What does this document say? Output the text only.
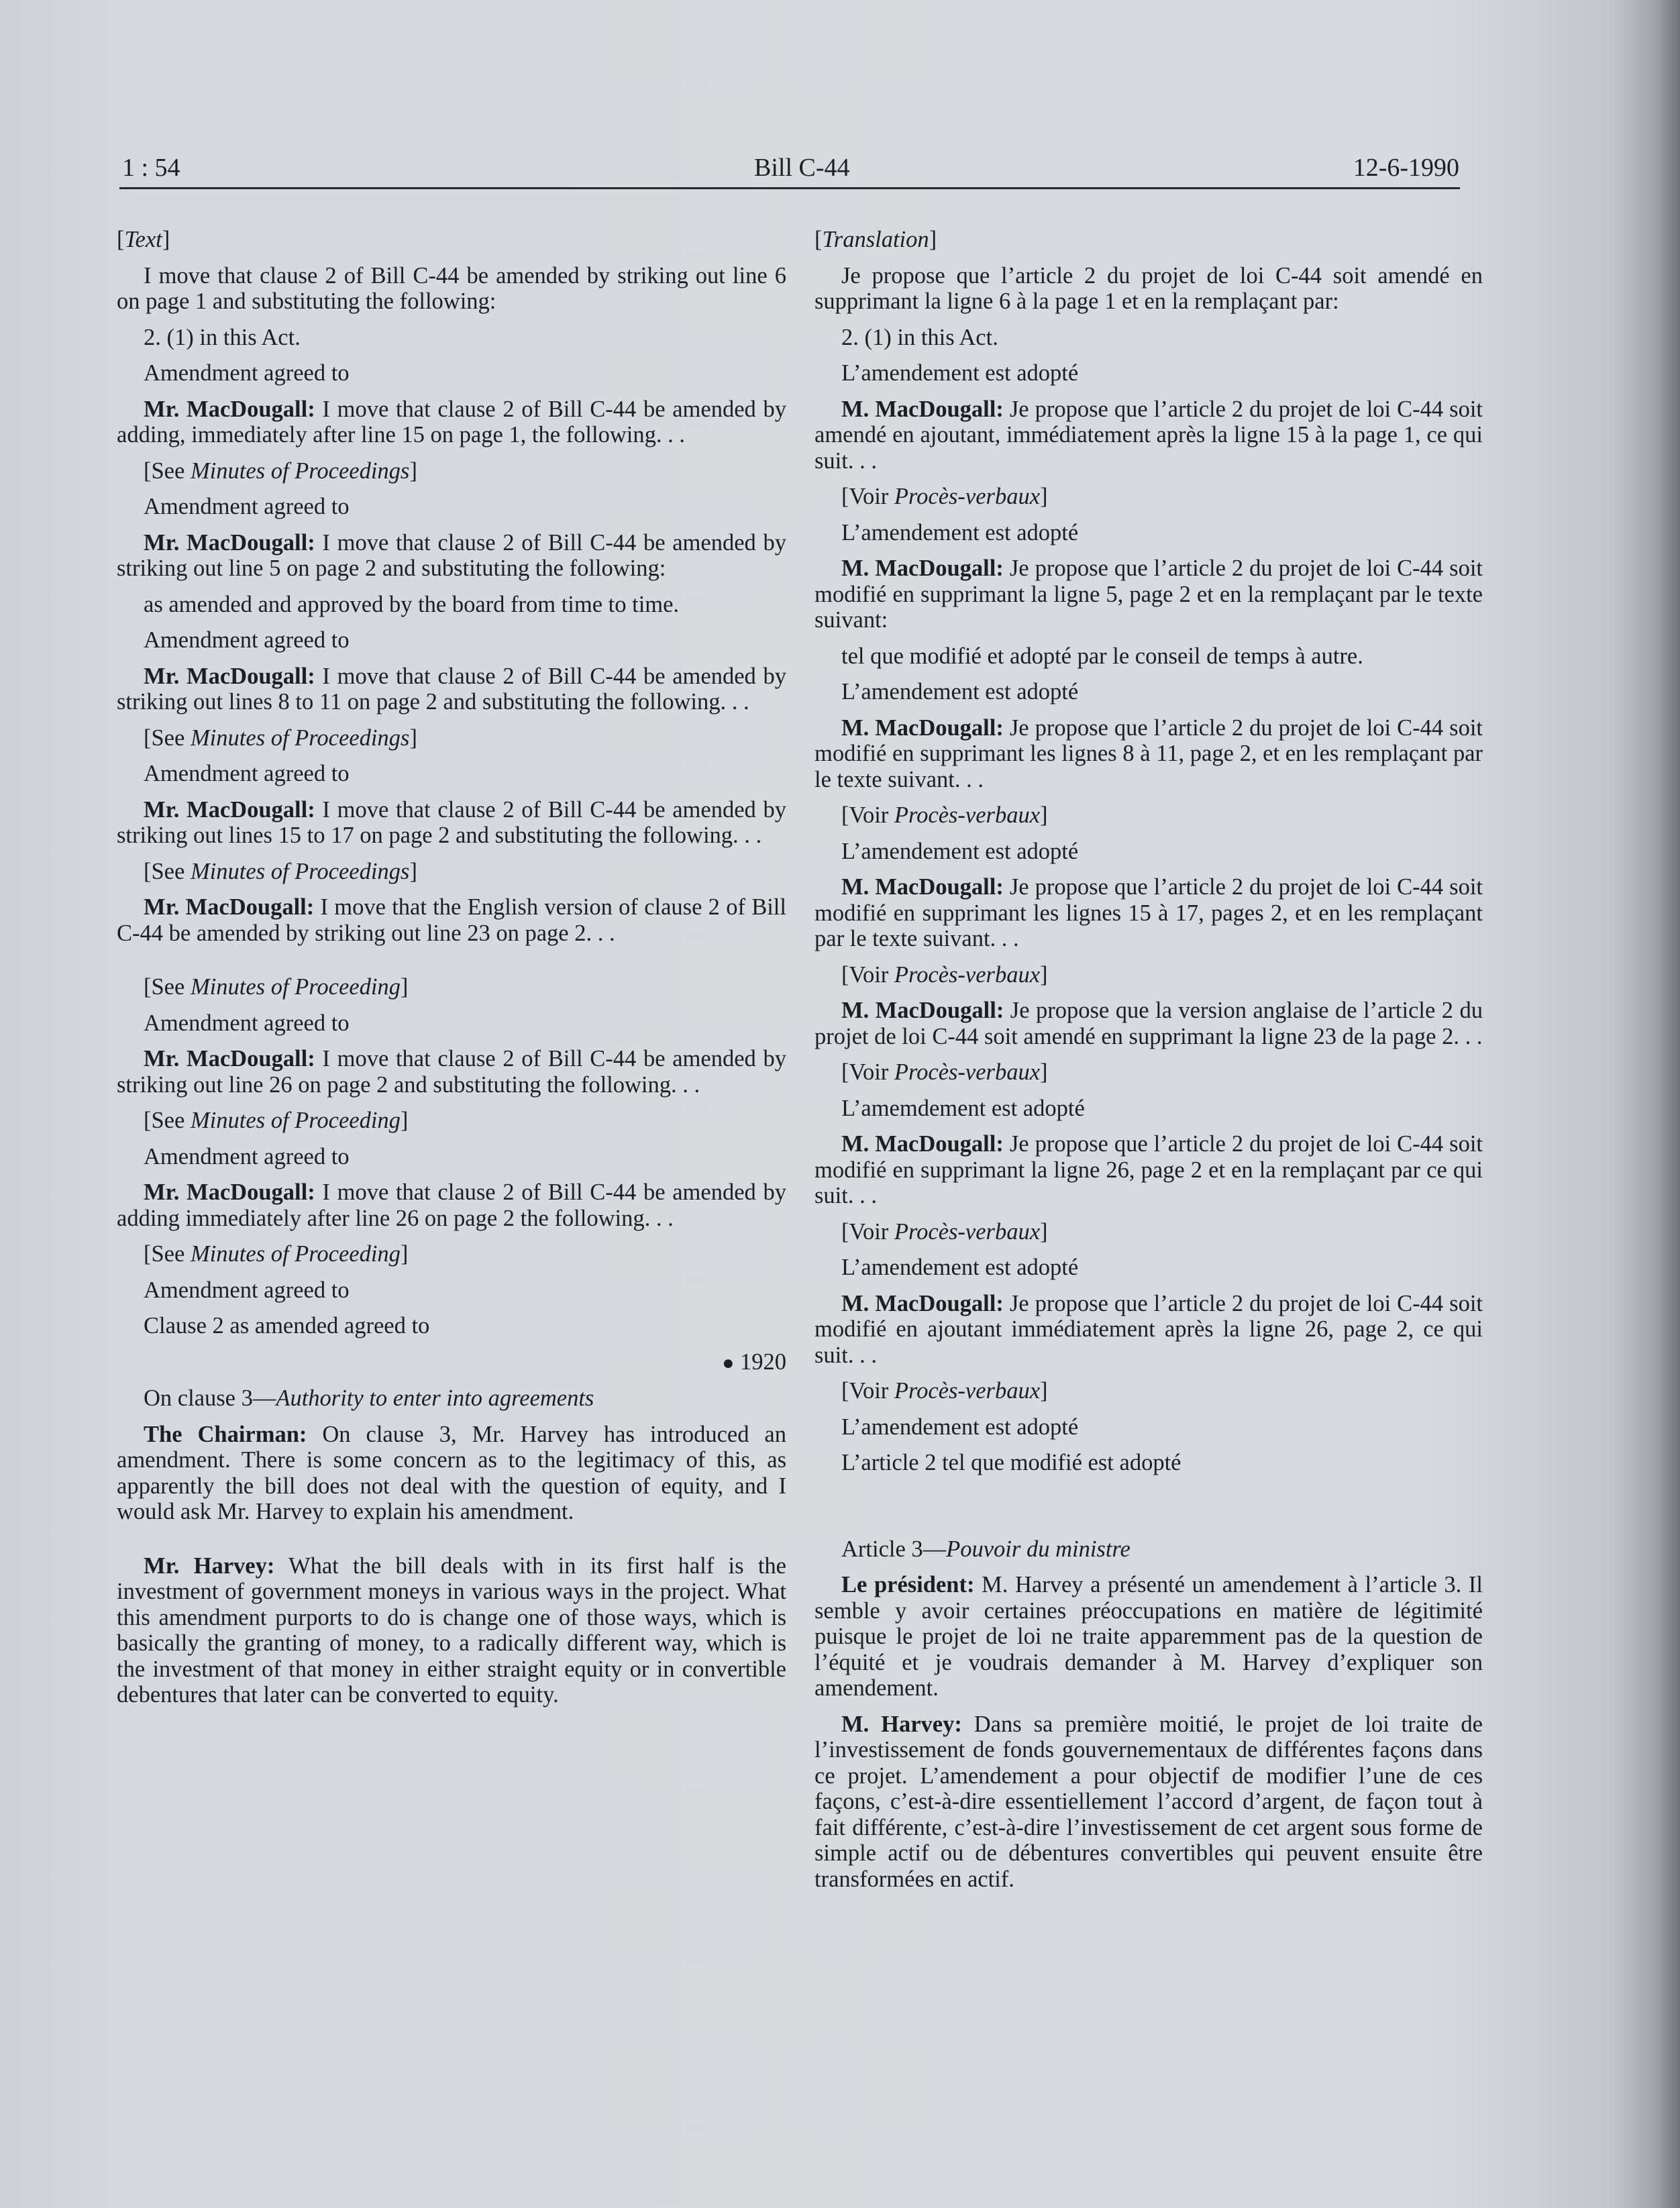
1 : 54	Bill C-44	12-6-1990

[Text]

I move that clause 2 of Bill C-44 be amended by striking out line 6 on page 1 and substituting the following:

2. (1) in this Act.

Amendment agreed to

Mr. MacDougall: I move that clause 2 of Bill C-44 be amended by adding, immediately after line 15 on page 1, the following. . .

[See Minutes of Proceedings]

Amendment agreed to

Mr. MacDougall: I move that clause 2 of Bill C-44 be amended by striking out line 5 on page 2 and substituting the following:

as amended and approved by the board from time to time.

Amendment agreed to

Mr. MacDougall: I move that clause 2 of Bill C-44 be amended by striking out lines 8 to 11 on page 2 and substituting the following. . .

[See Minutes of Proceedings]

Amendment agreed to

Mr. MacDougall: I move that clause 2 of Bill C-44 be amended by striking out lines 15 to 17 on page 2 and substituting the following. . .

[See Minutes of Proceedings]

Mr. MacDougall: I move that the English version of clause 2 of Bill C-44 be amended by striking out line 23 on page 2. . .

[See Minutes of Proceeding]

Amendment agreed to

Mr. MacDougall: I move that clause 2 of Bill C-44 be amended by striking out line 26 on page 2 and substituting the following. . .

[See Minutes of Proceeding]

Amendment agreed to

Mr. MacDougall: I move that clause 2 of Bill C-44 be amended by adding immediately after line 26 on page 2 the following. . .

[See Minutes of Proceeding]

Amendment agreed to

Clause 2 as amended agreed to

● 1920

On clause 3—Authority to enter into agreements

The Chairman: On clause 3, Mr. Harvey has introduced an amendment. There is some concern as to the legitimacy of this, as apparently the bill does not deal with the question of equity, and I would ask Mr. Harvey to explain his amendment.

Mr. Harvey: What the bill deals with in its first half is the investment of government moneys in various ways in the project. What this amendment purports to do is change one of those ways, which is basically the granting of money, to a radically different way, which is the investment of that money in either straight equity or in convertible debentures that later can be converted to equity.

[Translation]

Je propose que l’article 2 du projet de loi C-44 soit amendé en supprimant la ligne 6 à la page 1 et en la remplaçant par:

2. (1) in this Act.

L’amendement est adopté

M. MacDougall: Je propose que l’article 2 du projet de loi C-44 soit amendé en ajoutant, immédiatement après la ligne 15 à la page 1, ce qui suit. . .

[Voir Procès-verbaux]

L’amendement est adopté

M. MacDougall: Je propose que l’article 2 du projet de loi C-44 soit modifié en supprimant la ligne 5, page 2 et en la remplaçant par le texte suivant:

tel que modifié et adopté par le conseil de temps à autre.

L’amendement est adopté

M. MacDougall: Je propose que l’article 2 du projet de loi C-44 soit modifié en supprimant les lignes 8 à 11, page 2, et en les remplaçant par le texte suivant. . .

[Voir Procès-verbaux]

L’amendement est adopté

M. MacDougall: Je propose que l’article 2 du projet de loi C-44 soit modifié en supprimant les lignes 15 à 17, pages 2, et en les remplaçant par le texte suivant. . .

[Voir Procès-verbaux]

M. MacDougall: Je propose que la version anglaise de l’article 2 du projet de loi C-44 soit amendé en supprimant la ligne 23 de la page 2. . .

[Voir Procès-verbaux]

L’amemdement est adopté

M. MacDougall: Je propose que l’article 2 du projet de loi C-44 soit modifié en supprimant la ligne 26, page 2 et en la remplaçant par ce qui suit. . .

[Voir Procès-verbaux]

L’amendement est adopté

M. MacDougall: Je propose que l’article 2 du projet de loi C-44 soit modifié en ajoutant immédiatement après la ligne 26, page 2, ce qui suit. . .

[Voir Procès-verbaux]

L’amendement est adopté

L’article 2 tel que modifié est adopté

Article 3—Pouvoir du ministre

Le président: M. Harvey a présenté un amendement à l’article 3. Il semble y avoir certaines préoccupations en matière de légitimité puisque le projet de loi ne traite apparemment pas de la question de l’équité et je voudrais demander à M. Harvey d’expliquer son amendement.

M. Harvey: Dans sa première moitié, le projet de loi traite de l’investissement de fonds gouvernementaux de différentes façons dans ce projet. L’amendement a pour objectif de modifier l’une de ces façons, c’est-à-dire essentiellement l’accord d’argent, de façon tout à fait différente, c’est-à-dire l’investissement de cet argent sous forme de simple actif ou de débentures convertibles qui peuvent ensuite être transformées en actif.
